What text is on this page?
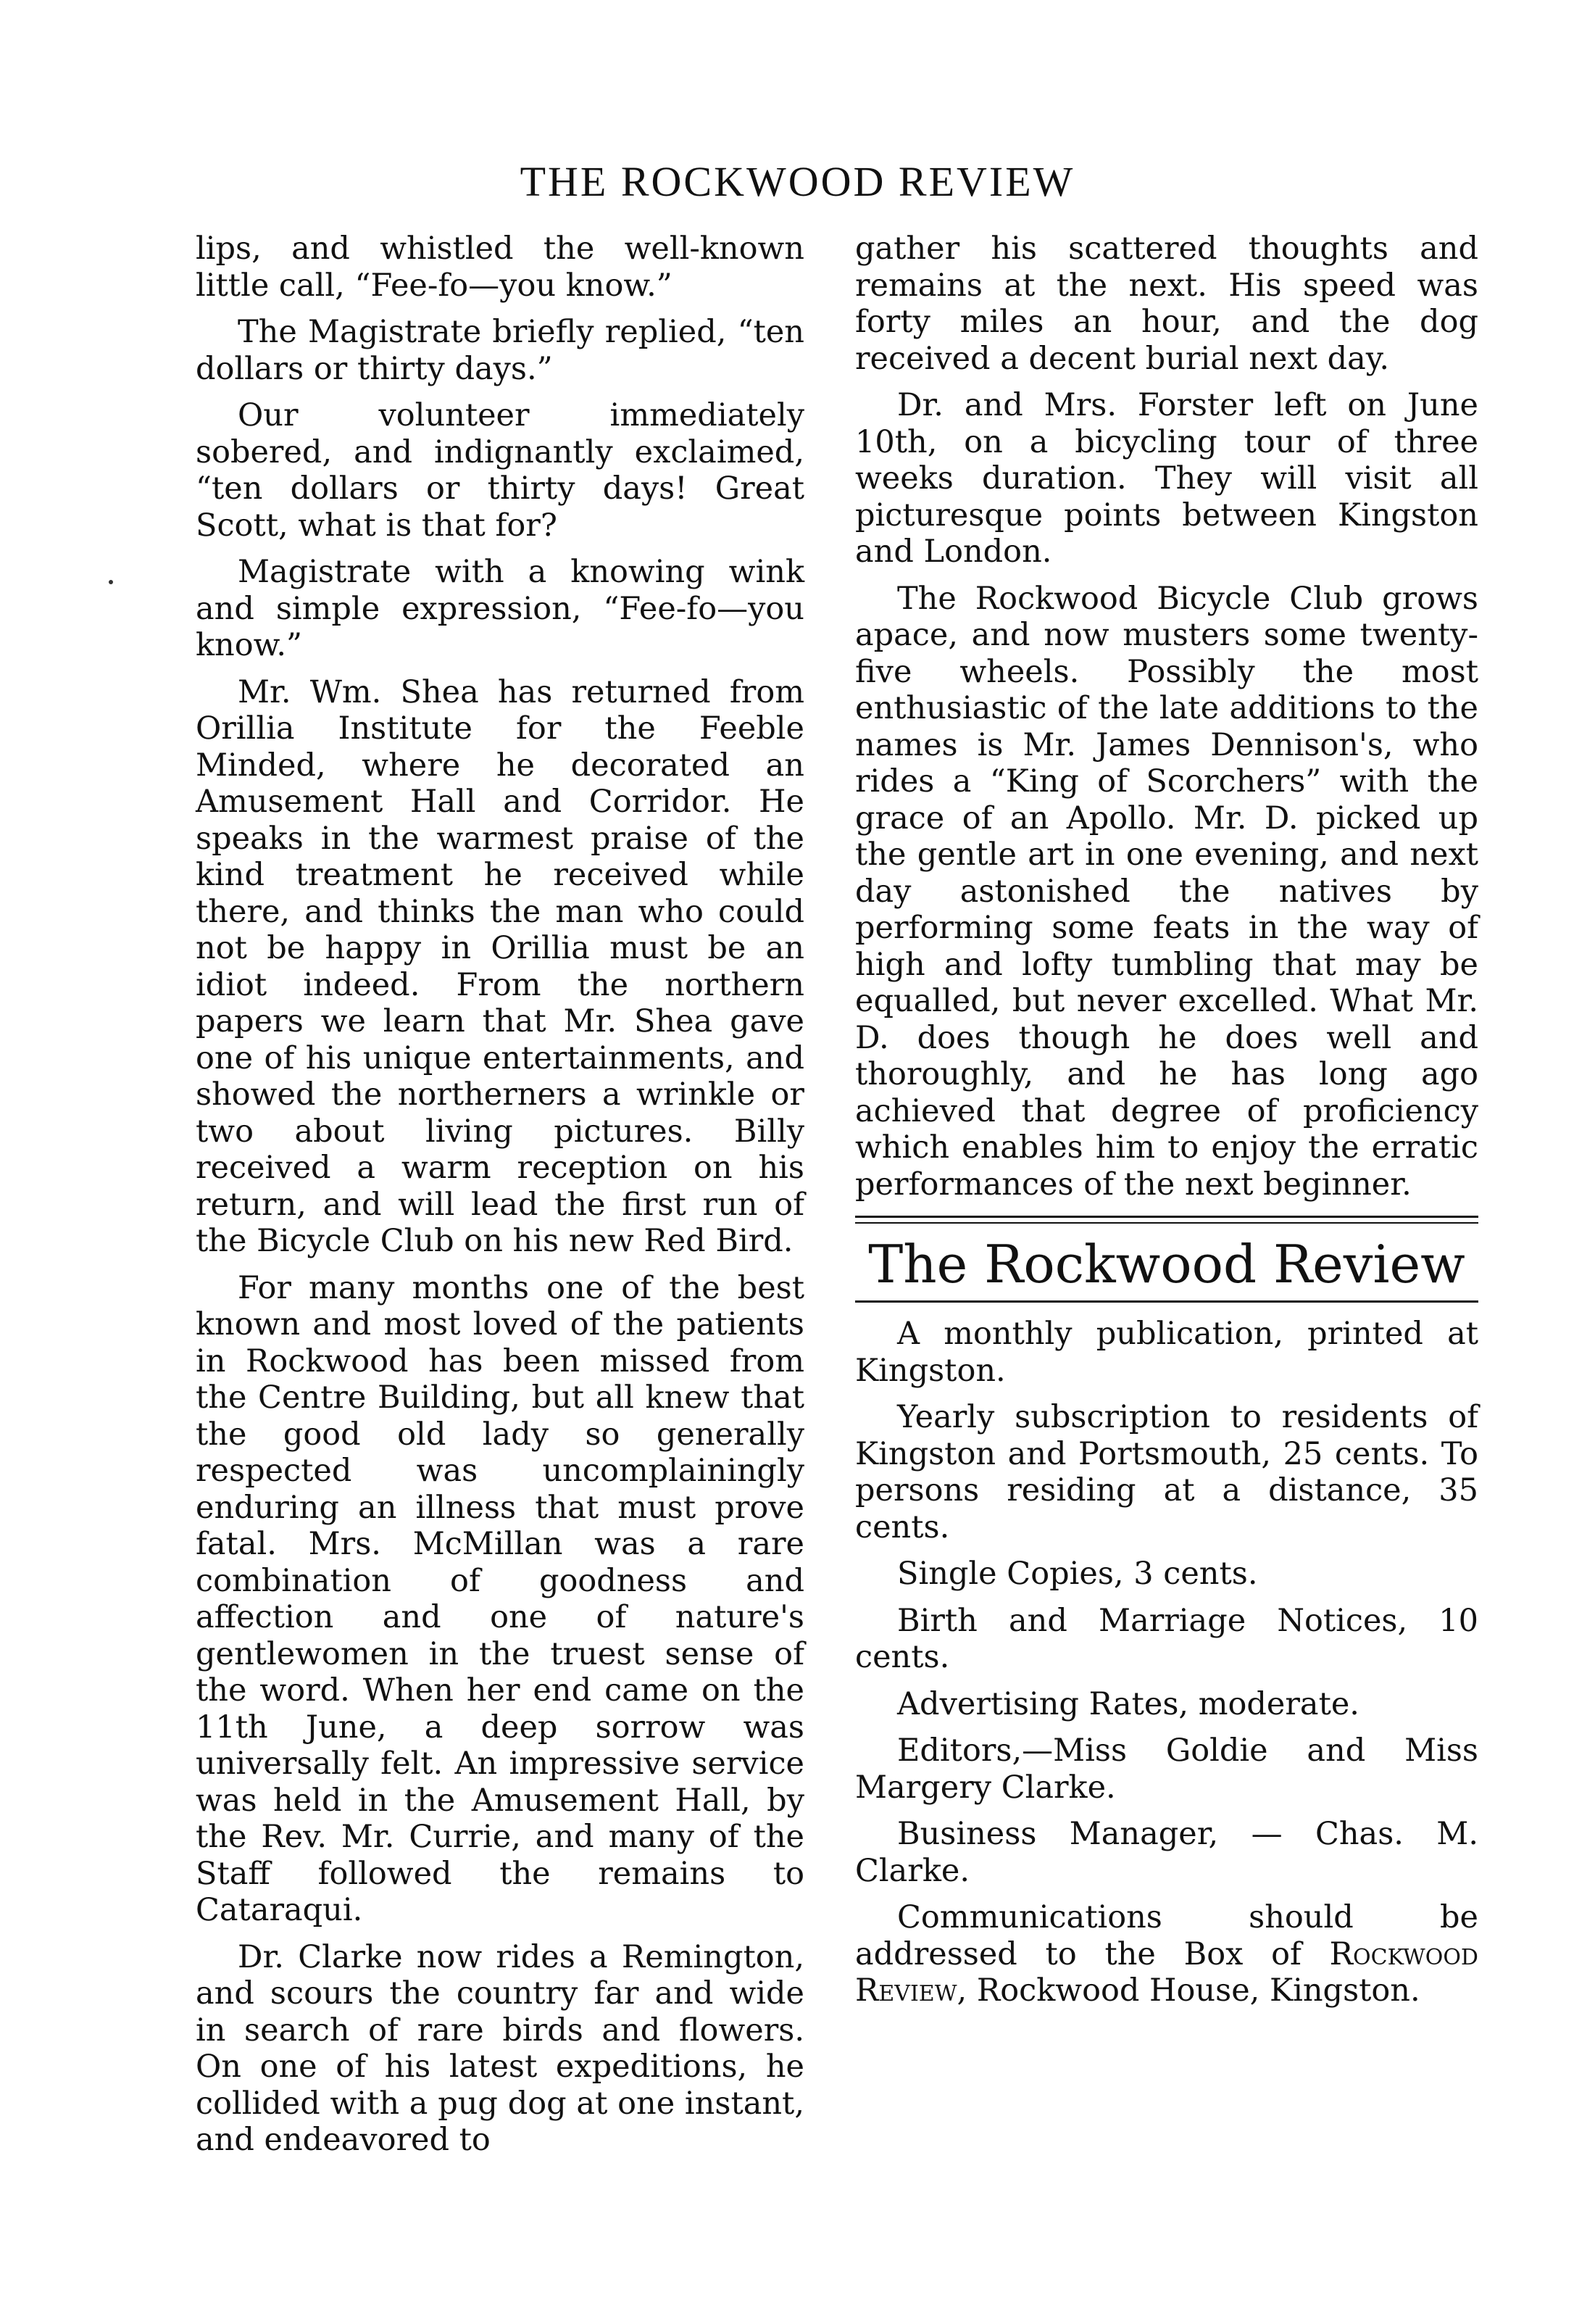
THE ROCKWOOD REVIEW

lips, and whistled the well-known little call, “Fee-fo—you know.”

The Magistrate briefly replied, “ten dollars or thirty days.”

Our volunteer immediately sobered, and indignantly exclaimed, “ten dollars or thirty days! Great Scott, what is that for?

Magistrate with a knowing wink and simple expression, “Fee-fo—you know.”

Mr. Wm. Shea has returned from Orillia Institute for the Feeble Minded, where he decorated an Amusement Hall and Corridor. He speaks in the warmest praise of the kind treatment he received while there, and thinks the man who could not be happy in Orillia must be an idiot indeed. From the northern papers we learn that Mr. Shea gave one of his unique entertainments, and showed the northerners a wrinkle or two about living pictures. Billy received a warm reception on his return, and will lead the first run of the Bicycle Club on his new Red Bird.

For many months one of the best known and most loved of the patients in Rockwood has been missed from the Centre Building, but all knew that the good old lady so generally respected was uncomplainingly enduring an illness that must prove fatal. Mrs. McMillan was a rare combination of goodness and affection and one of nature's gentlewomen in the truest sense of the word. When her end came on the 11th June, a deep sorrow was universally felt. An impressive service was held in the Amusement Hall, by the Rev. Mr. Currie, and many of the Staff followed the remains to Cataraqui.

Dr. Clarke now rides a Remington, and scours the country far and wide in search of rare birds and flowers. On one of his latest expeditions, he collided with a pug dog at one instant, and endeavored to

gather his scattered thoughts and remains at the next. His speed was forty miles an hour, and the dog received a decent burial next day.

Dr. and Mrs. Forster left on June 10th, on a bicycling tour of three weeks duration. They will visit all picturesque points between Kingston and London.

The Rockwood Bicycle Club grows apace, and now musters some twenty-five wheels. Possibly the most enthusiastic of the late additions to the names is Mr. James Dennison's, who rides a “King of Scorchers” with the grace of an Apollo. Mr. D. picked up the gentle art in one evening, and next day astonished the natives by performing some feats in the way of high and lofty tumbling that may be equalled, but never excelled. What Mr. D. does though he does well and thoroughly, and he has long ago achieved that degree of proficiency which enables him to enjoy the erratic performances of the next beginner.

The Rockwood Review

A monthly publication, printed at Kingston.

Yearly subscription to residents of Kingston and Portsmouth, 25 cents. To persons residing at a distance, 35 cents.

Single Copies, 3 cents.

Birth and Marriage Notices, 10 cents.

Advertising Rates, moderate.

Editors,—Miss Goldie and Miss Margery Clarke.

Business Manager, — Chas. M. Clarke.

Communications should be addressed to the Box of Rockwood Review, Rockwood House, Kingston.
